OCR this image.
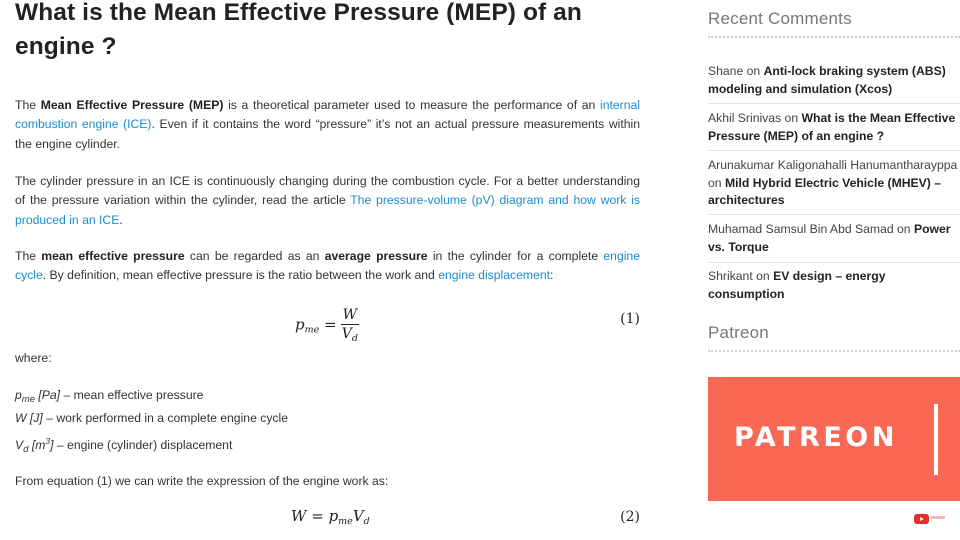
What is the Mean Effective Pressure (MEP) of an engine ?

The Mean Effective Pressure (MEP) is a theoretical parameter used to measure the performance of an internal combustion engine (ICE). Even if it contains the word “pressure” it’s not an actual pressure measurements within the engine cylinder.

The cylinder pressure in an ICE is continuously changing during the combustion cycle. For a better understanding of the pressure variation within the cylinder, read the article The pressure-volume (pV) diagram and how work is produced in an ICE.

The mean effective pressure can be regarded as an average pressure in the cylinder for a complete engine cycle. By definition, mean effective pressure is the ratio between the work and engine displacement:

$p_{me} = \frac{W}{V_d}$	(1)

where:

$p_{me}$ [Pa] – mean effective pressure
W [J] – work performed in a complete engine cycle
$V_d$ $[m^3]$ – engine (cylinder) displacement

From equation (1) we can write the expression of the engine work as:

$W = p_{me}V_d$	(2)
Recent Comments
Shane on Anti-lock braking system (ABS) modeling and simulation (Xcos)
Akhil Srinivas on What is the Mean Effective Pressure (MEP) of an engine ?
Arunakumar Kaligonahalli Hanumantharayppa on Mild Hybrid Electric Vehicle (MHEV) – architectures
Muhamad Samsul Bin Abd Samad on Power vs. Torque
Shrikant on EV design – energy consumption
Patreon
PATREON
